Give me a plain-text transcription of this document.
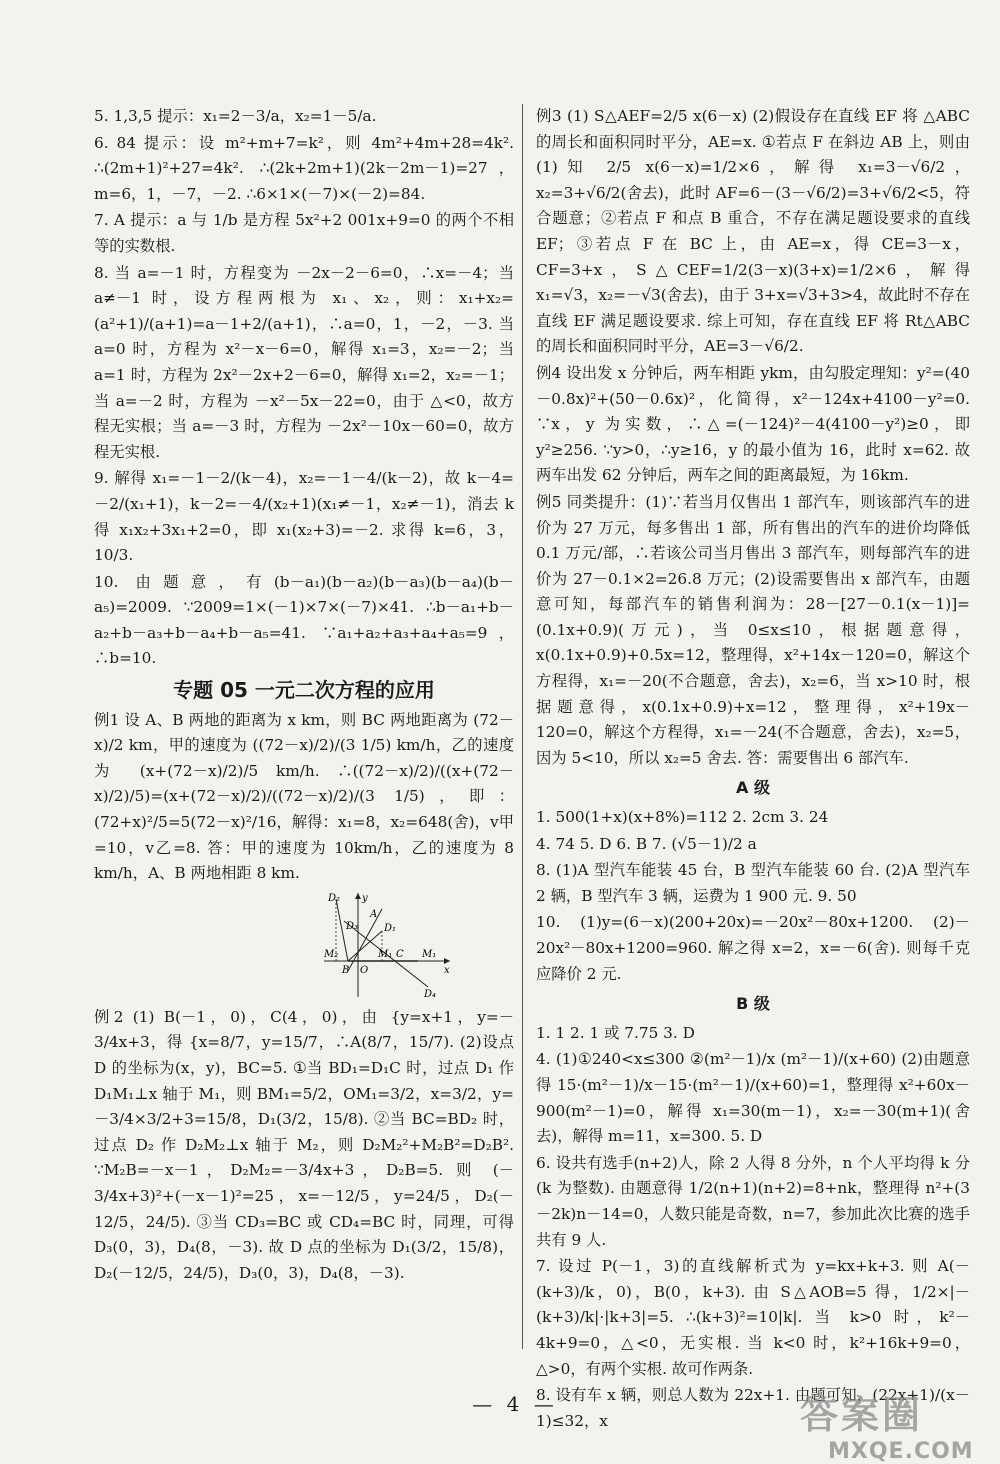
5. 1,3,5 提示：x₁=2－3/a，x₂=1－5/a.

6. 84 提示：设 m²+m+7=k²，则 4m²+4m+28=4k². ∴(2m+1)²+27=4k². ∴(2k+2m+1)(2k－2m－1)=27，m=6，1，－7，－2. ∴6×1×(－7)×(－2)=84.

7. A 提示：a 与 1/b 是方程 5x²+2 001x+9=0 的两个不相等的实数根.

8. 当 a=－1 时，方程变为 －2x－2－6=0，∴x=－4；当 a≠－1 时，设方程两根为 x₁、x₂，则：x₁+x₂=(a²+1)/(a+1)=a－1+2/(a+1)，∴a=0，1，－2，－3. 当 a=0 时，方程为 x²－x－6=0，解得 x₁=3，x₂=－2；当 a=1 时，方程为 2x²－2x+2－6=0，解得 x₁=2，x₂=－1；当 a=－2 时，方程为 －x²－5x－22=0，由于 △<0，故方程无实根；当 a=－3 时，方程为 －2x²－10x－60=0，故方程无实根.

9. 解得 x₁=－1－2/(k－4)，x₂=－1－4/(k－2)，故 k－4=－2/(x₁+1)，k－2=－4/(x₂+1)(x₁≠－1，x₂≠－1)，消去 k 得 x₁x₂+3x₁+2=0，即 x₁(x₂+3)=－2. 求得 k=6，3，10/3.

10. 由题意，有(b－a₁)(b－a₂)(b－a₃)(b－a₄)(b－a₅)=2009. ∵2009=1×(－1)×7×(－7)×41. ∴b－a₁+b－a₂+b－a₃+b－a₄+b－a₅=41. ∵a₁+a₂+a₃+a₄+a₅=9，∴b=10.

专题 05 一元二次方程的应用

例1 设 A、B 两地的距离为 x km，则 BC 两地距离为 (72－x)/2 km，甲的速度为 ((72－x)/2)/(3 1/5) km/h，乙的速度为 (x+(72－x)/2)/5 km/h. ∴((72－x)/2)/((x+(72－x)/2)/5)=(x+(72－x)/2)/((72－x)/2)/(3 1/5)，即：(72+x)²/5=5(72－x)²/16，解得：x₁=8，x₂=648(舍)，v甲=10，v乙=8. 答：甲的速度为 10km/h，乙的速度为 8 km/h，A、B 两地相距 8 km.

D₂ y
A
D₁
D₃
M₂
B O
M₁ C M₁
x
D₄

例2 (1) B(－1，0)，C(4，0)，由 {y=x+1，y=－3/4x+3，得 {x=8/7，y=15/7，∴A(8/7，15/7). (2)设点 D 的坐标为(x，y)，BC=5. ①当 BD₁=D₁C 时，过点 D₁ 作 D₁M₁⊥x 轴于 M₁，则 BM₁=5/2，OM₁=3/2，x=3/2，y=－3/4×3/2+3=15/8，D₁(3/2，15/8). ②当 BC=BD₂ 时，过点 D₂ 作 D₂M₂⊥x 轴于 M₂，则 D₂M₂²+M₂B²=D₂B². ∵M₂B=－x－1，D₂M₂=－3/4x+3，D₂B=5. 则 (－3/4x+3)²+(－x－1)²=25，x=－12/5，y=24/5，D₂(－12/5，24/5). ③当 CD₃=BC 或 CD₄=BC 时，同理，可得 D₃(0，3)，D₄(8，－3). 故 D 点的坐标为 D₁(3/2，15/8)，D₂(－12/5，24/5)，D₃(0，3)，D₄(8，－3).

例3 (1) S△AEF=2/5 x(6－x) (2)假设存在直线 EF 将 △ABC 的周长和面积同时平分，AE=x. ①若点 F 在斜边 AB 上，则由(1)知 2/5 x(6－x)=1/2×6，解得 x₁=3－√6/2，x₂=3+√6/2(舍去)，此时 AF=6－(3－√6/2)=3+√6/2<5，符合题意；②若点 F 和点 B 重合，不存在满足题设要求的直线 EF；③若点 F 在 BC 上，由 AE=x，得 CE=3－x，CF=3+x，S△CEF=1/2(3－x)(3+x)=1/2×6，解得 x₁=√3，x₂=－√3(舍去)，由于 3+x=√3+3>4，故此时不存在直线 EF 满足题设要求. 综上可知，存在直线 EF 将 Rt△ABC 的周长和面积同时平分，AE=3－√6/2.

例4 设出发 x 分钟后，两车相距 ykm，由勾股定理知：y²=(40－0.8x)²+(50－0.6x)²，化简得，x²－124x+4100－y²=0. ∵x，y 为实数，∴△=(－124)²－4(4100－y²)≥0，即 y²≥256. ∵y>0，∴y≥16，y 的最小值为 16，此时 x=62. 故两车出发 62 分钟后，两车之间的距离最短，为 16km.

例5 同类提升：(1)∵若当月仅售出 1 部汽车，则该部汽车的进价为 27 万元，每多售出 1 部，所有售出的汽车的进价均降低 0.1 万元/部，∴若该公司当月售出 3 部汽车，则每部汽车的进价为 27－0.1×2=26.8 万元；(2)设需要售出 x 部汽车，由题意可知，每部汽车的销售利润为：28－[27－0.1(x－1)]=(0.1x+0.9)(万元)，当 0≤x≤10，根据题意得，x(0.1x+0.9)+0.5x=12，整理得，x²+14x－120=0，解这个方程得，x₁=－20(不合题意，舍去)，x₂=6，当 x>10 时，根据题意得，x(0.1x+0.9)+x=12，整理得，x²+19x－120=0，解这个方程得，x₁=－24(不合题意，舍去)，x₂=5，因为 5<10，所以 x₂=5 舍去. 答：需要售出 6 部汽车.

A 级

1. 500(1+x)(x+8%)=112 2. 2cm 3. 24

4. 74 5. D 6. B 7. (√5－1)/2 a

8. (1)A 型汽车能装 45 台，B 型汽车能装 60 台. (2)A 型汽车 2 辆，B 型汽车 3 辆，运费为 1 900 元. 9. 50

10. (1)y=(6－x)(200+20x)=－20x²－80x+1200. (2)－20x²－80x+1200=960. 解之得 x=2，x=－6(舍). 则每千克应降价 2 元.

B 级

1. 1 2. 1 或 7.75 3. D

4. (1)①240<x≤300 ②(m²－1)/x (m²－1)/(x+60) (2)由题意得 15·(m²－1)/x－15·(m²－1)/(x+60)=1，整理得 x²+60x－900(m²－1)=0，解得 x₁=30(m－1)，x₂=－30(m+1)(舍去)，解得 m=11，x=300. 5. D

6. 设共有选手(n+2)人，除 2 人得 8 分外，n 个人平均得 k 分(k 为整数). 由题意得 1/2(n+1)(n+2)=8+nk，整理得 n²+(3－2k)n－14=0，人数只能是奇数，n=7，参加此次比赛的选手共有 9 人.

7. 设过 P(－1，3)的直线解析式为 y=kx+k+3. 则 A(－(k+3)/k，0)，B(0，k+3). 由 S△AOB=5 得，1/2×|－(k+3)/k|·|k+3|=5. ∴(k+3)²=10|k|. 当 k>0 时，k²－4k+9=0，△<0，无实根. 当 k<0 时，k²+16k+9=0，△>0，有两个实根. 故可作两条.

8. 设有车 x 辆，则总人数为 22x+1. 由题可知，(22x+1)/(x－1)≤32，x

— 4 —	答案圈
MXQE.COM
